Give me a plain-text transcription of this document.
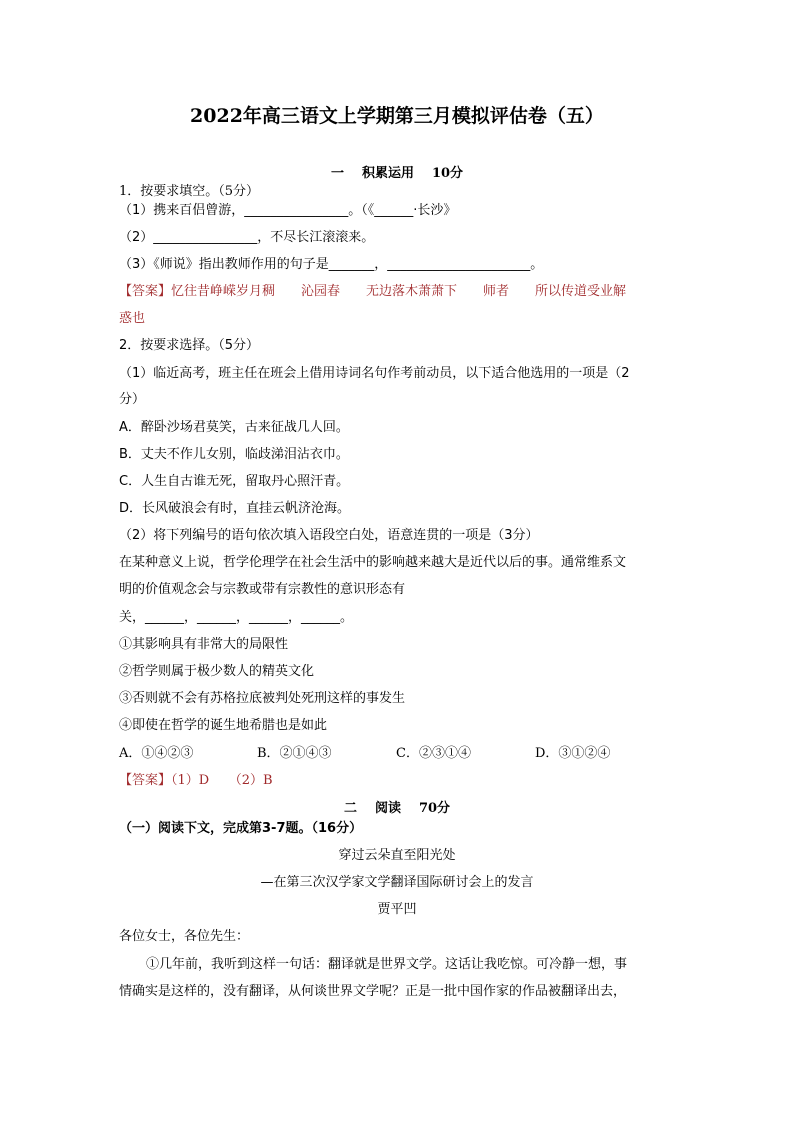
2022年高三语文上学期第三月模拟评估卷（五）
一 积累运用 10分
1．按要求填空。（5分）
（1）携来百侣曾游，________________。（《______·长沙》
（2）________________，不尽长江滚滚来。
（3）《师说》指出教师作用的句子是_______，______________________。
【答案】忆往昔峥嵘岁月稠　　沁园春　　无边落木萧萧下　　师者　　所以传道受业解
惑也
2．按要求选择。（5分）
（1）临近高考，班主任在班会上借用诗词名句作考前动员，以下适合他选用的一项是（2
分）
A．醉卧沙场君莫笑，古来征战几人回。
B．丈夫不作儿女别，临歧涕泪沾衣巾。
C．人生自古谁无死，留取丹心照汗青。
D．长风破浪会有时，直挂云帆济沧海。
（2）将下列编号的语句依次填入语段空白处，语意连贯的一项是（3分）
在某种意义上说，哲学伦理学在社会生活中的影响越来越大是近代以后的事。通常维系文
明的价值观念会与宗教或带有宗教性的意识形态有
关，______，______，______，______。
①其影响具有非常大的局限性
②哲学则属于极少数人的精英文化
③否则就不会有苏格拉底被判处死刑这样的事发生
④即使在哲学的诞生地希腊也是如此
A．①④②③	B．②①④③	C．②③①④	D．③①②④
【答案】（1）D　　（2）B
二 阅读 70分
（一）阅读下文，完成第3-7题。（16分）
穿过云朵直至阳光处
—在第三次汉学家文学翻译国际研讨会上的发言
贾平凹
各位女士，各位先生：
①几年前，我听到这样一句话：翻译就是世界文学。这话让我吃惊。可冷静一想，事
情确实是这样的，没有翻译，从何谈世界文学呢？正是一批中国作家的作品被翻译出去，
